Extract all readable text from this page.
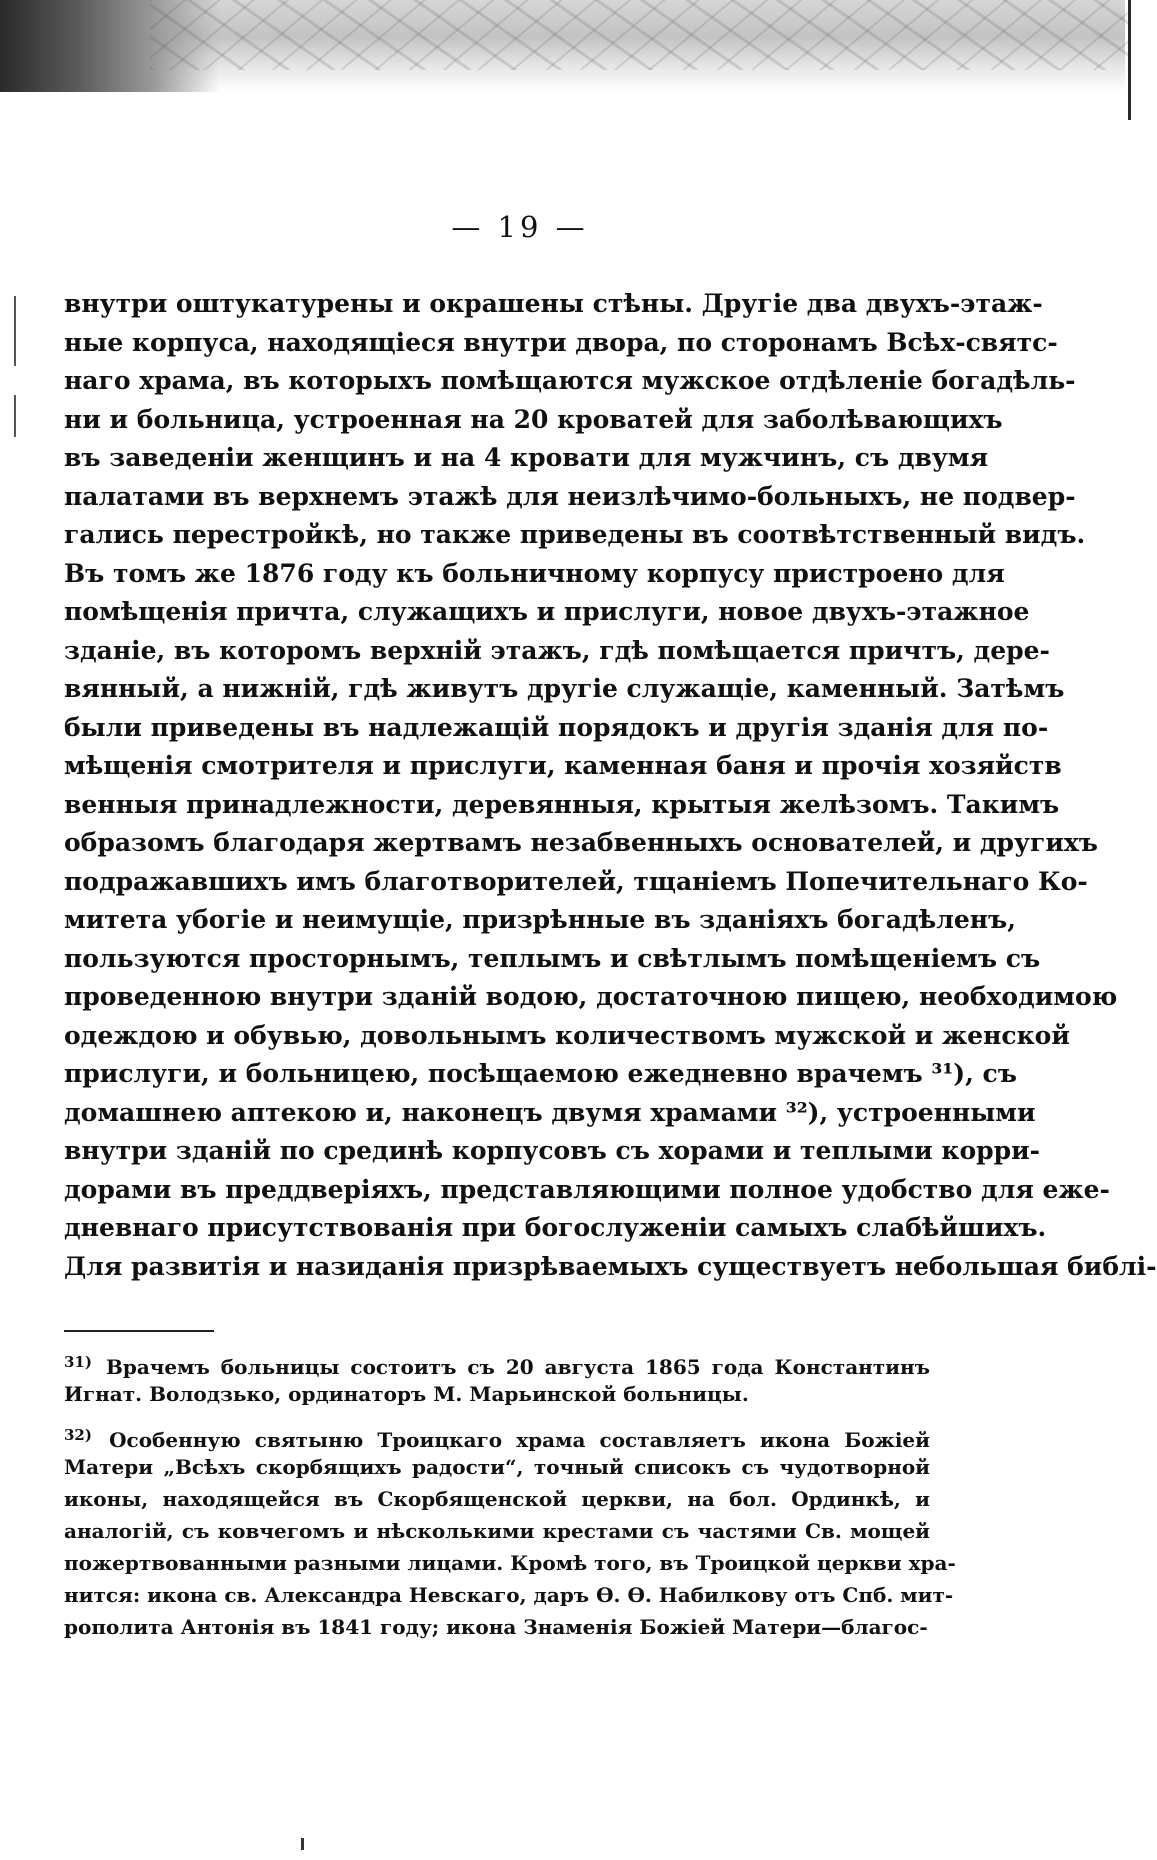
— 19 —
внутри оштукатурены и окрашены стѣны. Другіе два двухъ-этаж-
ные корпуса, находящіеся внутри двора, по сторонамъ Всѣх-святс-
наго храма, въ которыхъ помѣщаются мужское отдѣленіе богадѣль-
ни и больница, устроенная на 20 кроватей для заболѣвающихъ
въ заведеніи женщинъ и на 4 кровати для мужчинъ, съ двумя
палатами въ верхнемъ этажѣ для неизлѣчимо-больныхъ, не подвер-
гались перестройкѣ, но также приведены въ соотвѣтственный видъ.
Въ томъ же 1876 году къ больничному корпусу пристроено для
помѣщенія причта, служащихъ и прислуги, новое двухъ-этажное
зданіе, въ которомъ верхній этажъ, гдѣ помѣщается причтъ, дере-
вянный, а нижній, гдѣ живутъ другіе служащіе, каменный. Затѣмъ
были приведены въ надлежащій порядокъ и другія зданія для по-
мѣщенія смотрителя и прислуги, каменная баня и прочія хозяйств
венныя принадлежности, деревянныя, крытыя желѣзомъ. Такимъ
образомъ благодаря жертвамъ незабвенныхъ основателей, и другихъ
подражавшихъ имъ благотворителей, тщаніемъ Попечительнаго Ко-
митета убогіе и неимущіе, призрѣнные въ зданіяхъ богадѣленъ,
пользуются просторнымъ, теплымъ и свѣтлымъ помѣщеніемъ съ
проведенною внутри зданій водою, достаточною пищею, необходимою
одеждою и обувью, довольнымъ количествомъ мужской и женской
прислуги, и больницею, посѣщаемою ежедневно врачемъ ³¹), съ
домашнею аптекою и, наконецъ двумя храмами ³²), устроенными
внутри зданій по срединѣ корпусовъ съ хорами и теплыми корри-
дорами въ преддверіяхъ, представляющими полное удобство для еже-
дневнаго присутствованія при богослуженіи самыхъ слабѣйшихъ.
Для развитія и назиданія призрѣваемыхъ существуетъ небольшая библі-
$^{31)}$ Врачемъ больницы состоитъ съ 20 августа 1865 года Константинъ
Игнат. Володзько, ординаторъ М. Марьинской больницы.
$^{32)}$ Особенную святыню Троицкаго храма составляетъ икона Божіей
Матери „Всѣхъ скорбящихъ радости“, точный списокъ съ чудотворной
иконы, находящейся въ Скорбященской церкви, на бол. Ординкѣ, и
аналогій, съ ковчегомъ и нѣсколькими крестами съ частями Св. мощей
пожертвованными разными лицами. Кромѣ того, въ Троицкой церкви хра-
нится: икона св. Александра Невскаго, даръ Ѳ. Ѳ. Набилкову отъ Спб. мит-
рополита Антонія въ 1841 году; икона Знаменія Божіей Матери—благос-
